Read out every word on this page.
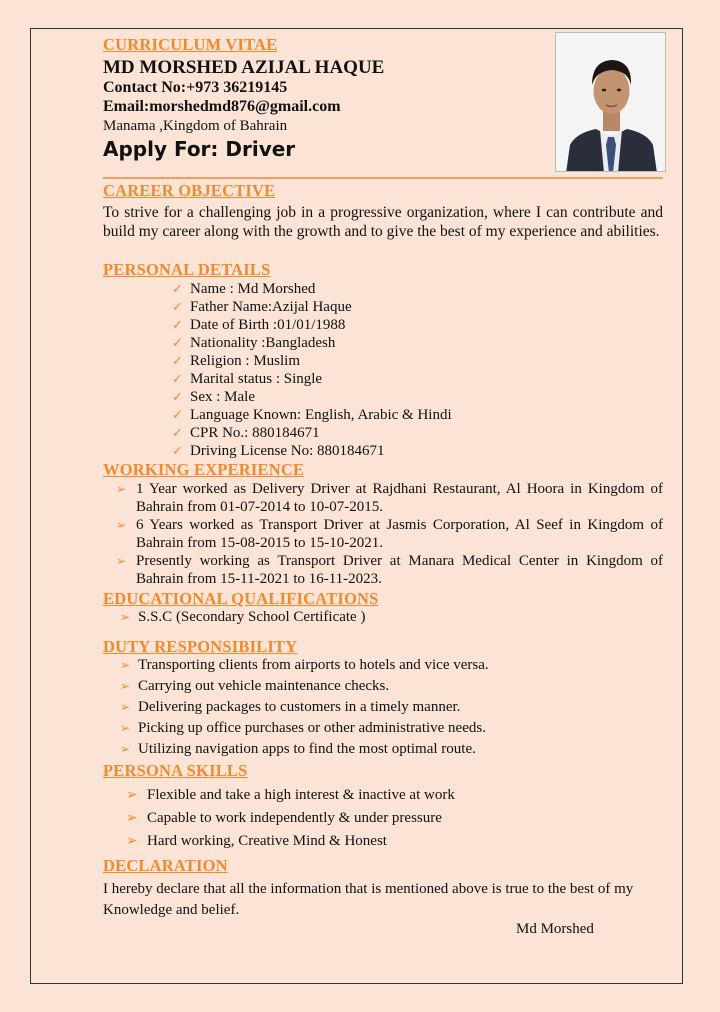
CURRICULUM VITAE
MD MORSHED AZIJAL HAQUE
Contact No:+973 36219145
Email:morshedmd876@gmail.com
Manama ,Kingdom of Bahrain
Apply For: Driver
CAREER OBJECTIVE
To strive for a challenging job in a progressive organization, where I can contribute and build my career along with the growth and to give the best of my experience and abilities.
PERSONAL DETAILS
✓ Name : Md Morshed
✓ Father Name:Azijal Haque
✓ Date of Birth :01/01/1988
✓ Nationality :Bangladesh
✓ Religion : Muslim
✓ Marital status : Single
✓ Sex : Male
✓ Language Known: English, Arabic & Hindi
✓ CPR No.: 880184671
✓ Driving License No: 880184671
WORKING EXPERIENCE
➢ 1 Year worked as Delivery Driver at Rajdhani Restaurant, Al Hoora in Kingdom of Bahrain from 01-07-2014 to 10-07-2015.
➢ 6 Years worked as Transport Driver at Jasmis Corporation, Al Seef in Kingdom of Bahrain from 15-08-2015 to 15-10-2021.
➢ Presently working as Transport Driver at Manara Medical Center in Kingdom of Bahrain from 15-11-2021 to 16-11-2023.
EDUCATIONAL QUALIFICATIONS
➢ S.S.C (Secondary School Certificate )
DUTY RESPONSIBILITY
➢ Transporting clients from airports to hotels and vice versa.
➢ Carrying out vehicle maintenance checks.
➢ Delivering packages to customers in a timely manner.
➢ Picking up office purchases or other administrative needs.
➢ Utilizing navigation apps to find the most optimal route.
PERSONA SKILLS
➢ Flexible and take a high interest & inactive at work
➢ Capable to work independently & under pressure
➢ Hard working, Creative Mind & Honest
DECLARATION
I hereby declare that all the information that is mentioned above is true to the best of my Knowledge and belief.
Md Morshed
